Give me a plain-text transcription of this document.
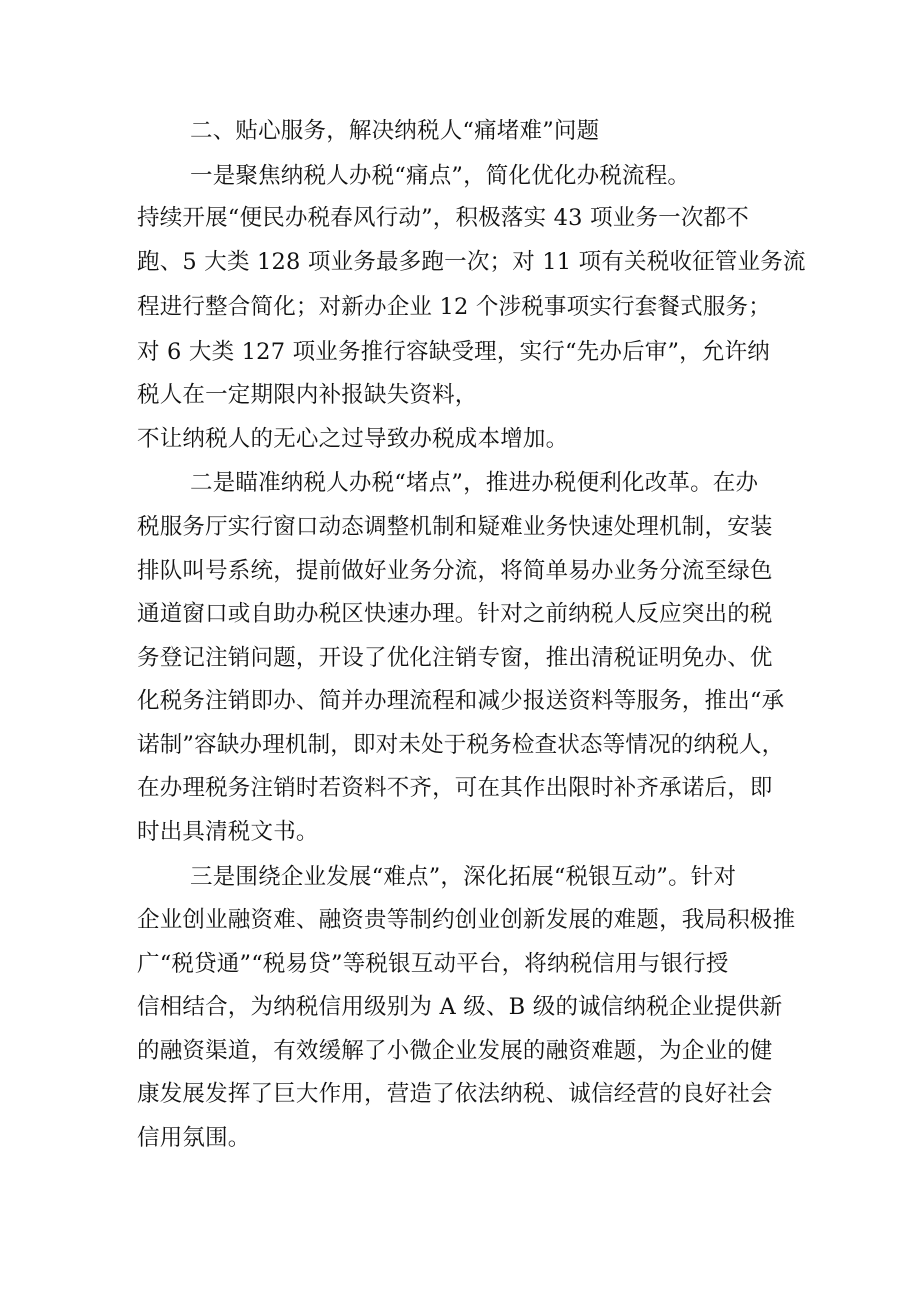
二、贴心服务，解决纳税人“痛堵难”问题
一是聚焦纳税人办税“痛点”，简化优化办税流程。
持续开展“便民办税春风行动”，积极落实 43 项业务一次都不
跑、5 大类 128 项业务最多跑一次；对 11 项有关税收征管业务流
程进行整合简化；对新办企业 12 个涉税事项实行套餐式服务；
对 6 大类 127 项业务推行容缺受理，实行“先办后审”，允许纳
税人在一定期限内补报缺失资料，
不让纳税人的无心之过导致办税成本增加。
二是瞄准纳税人办税“堵点”，推进办税便利化改革。在办
税服务厅实行窗口动态调整机制和疑难业务快速处理机制，安装
排队叫号系统，提前做好业务分流，将简单易办业务分流至绿色
通道窗口或自助办税区快速办理。针对之前纳税人反应突出的税
务登记注销问题，开设了优化注销专窗，推出清税证明免办、优
化税务注销即办、简并办理流程和减少报送资料等服务，推出“承
诺制”容缺办理机制，即对未处于税务检查状态等情况的纳税人，
在办理税务注销时若资料不齐，可在其作出限时补齐承诺后，即
时出具清税文书。
三是围绕企业发展“难点”，深化拓展“税银互动”。针对
企业创业融资难、融资贵等制约创业创新发展的难题，我局积极推
广“税贷通”“税易贷”等税银互动平台，将纳税信用与银行授
信相结合，为纳税信用级别为 A 级、B 级的诚信纳税企业提供新
的融资渠道，有效缓解了小微企业发展的融资难题，为企业的健
康发展发挥了巨大作用，营造了依法纳税、诚信经营的良好社会
信用氛围。
